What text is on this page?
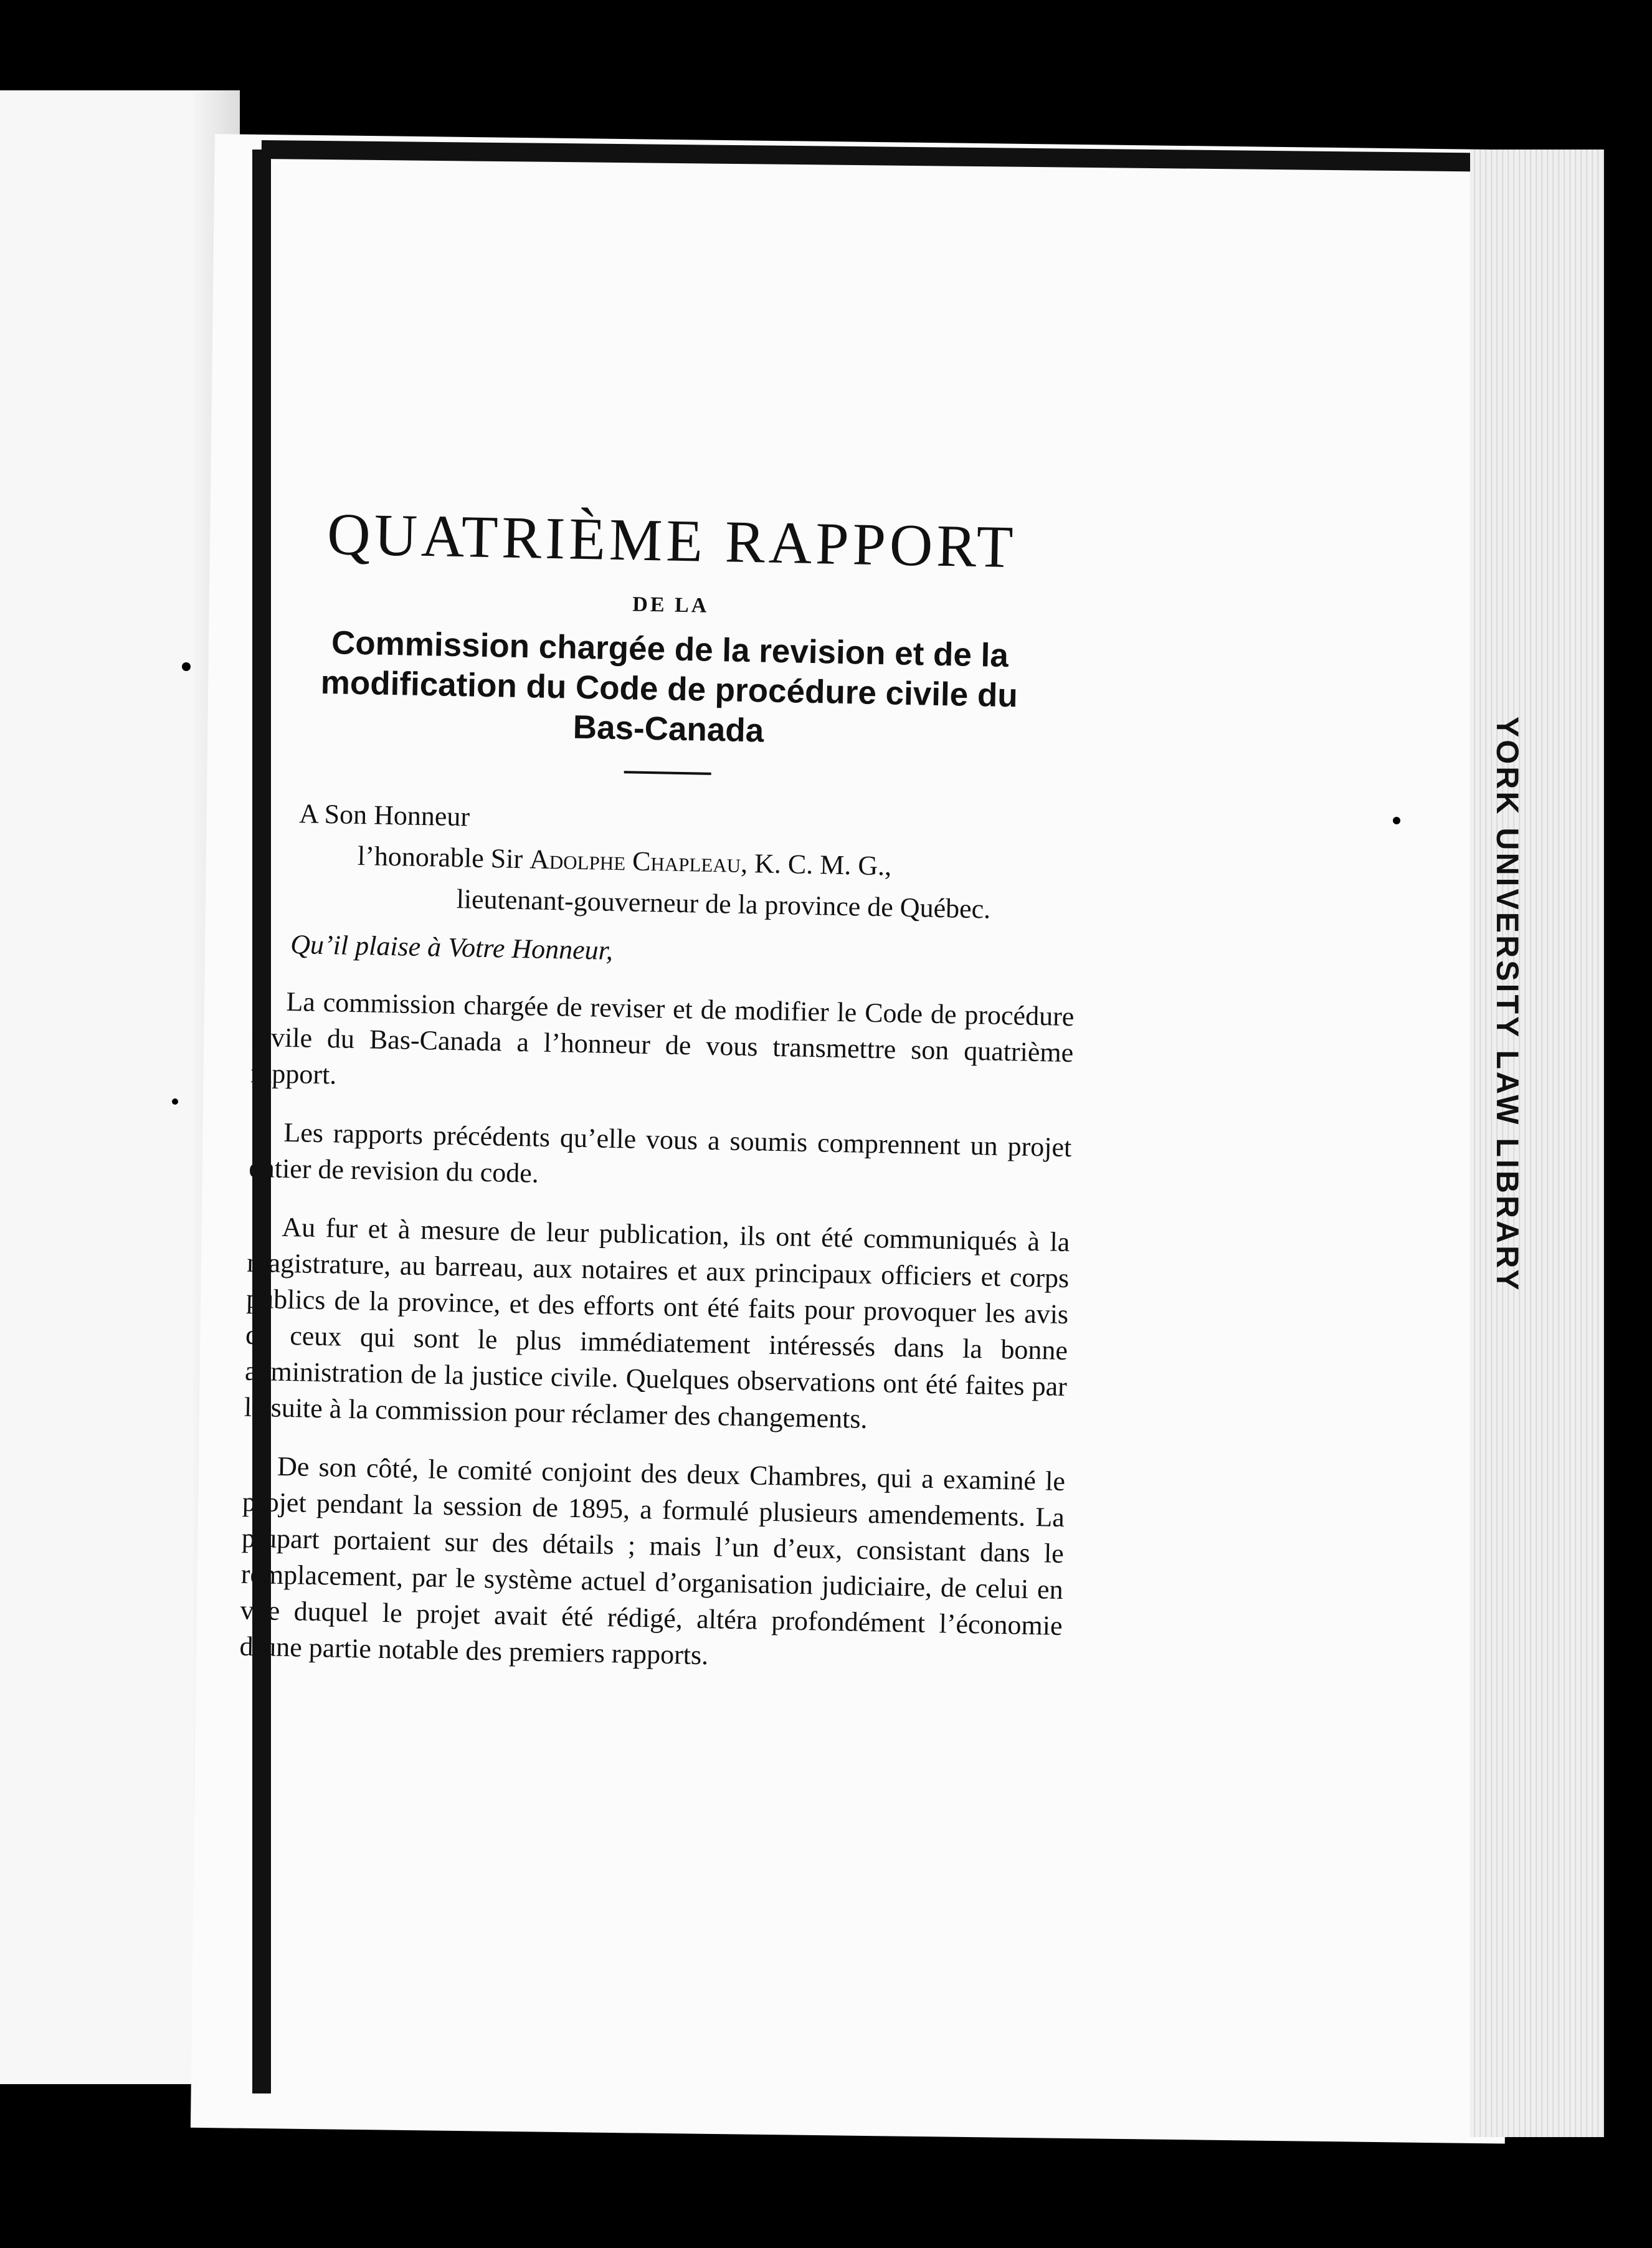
YORK UNIVERSITY LAW LIBRARY
QUATRIÈME RAPPORT
DE LA
Commission chargée de la revision et de la modification du Code de procédure civile du Bas-Canada
A Son Honneur
l’honorable Sir Adolphe Chapleau, K. C. M. G.,
lieutenant-gouverneur de la province de Québec.
Qu’il plaise à Votre Honneur,

La commission chargée de reviser et de modifier le Code de procédure civile du Bas-Canada a l’honneur de vous transmettre son quatrième rapport.

Les rapports précédents qu’elle vous a soumis comprennent un projet entier de revision du code.

Au fur et à mesure de leur publication, ils ont été communiqués à la magistrature, au barreau, aux notaires et aux principaux officiers et corps publics de la province, et des efforts ont été faits pour provoquer les avis de ceux qui sont le plus immédiatement intéressés dans la bonne administration de la justice civile. Quelques observations ont été faites par la suite à la commission pour réclamer des changements.

De son côté, le comité conjoint des deux Chambres, qui a examiné le projet pendant la session de 1895, a formulé plusieurs amendements. La plupart portaient sur des détails ; mais l’un d’eux, consistant dans le remplacement, par le système actuel d’organisation judiciaire, de celui en vue duquel le projet avait été rédigé, altéra profondément l’économie d’une partie notable des premiers rapports.
